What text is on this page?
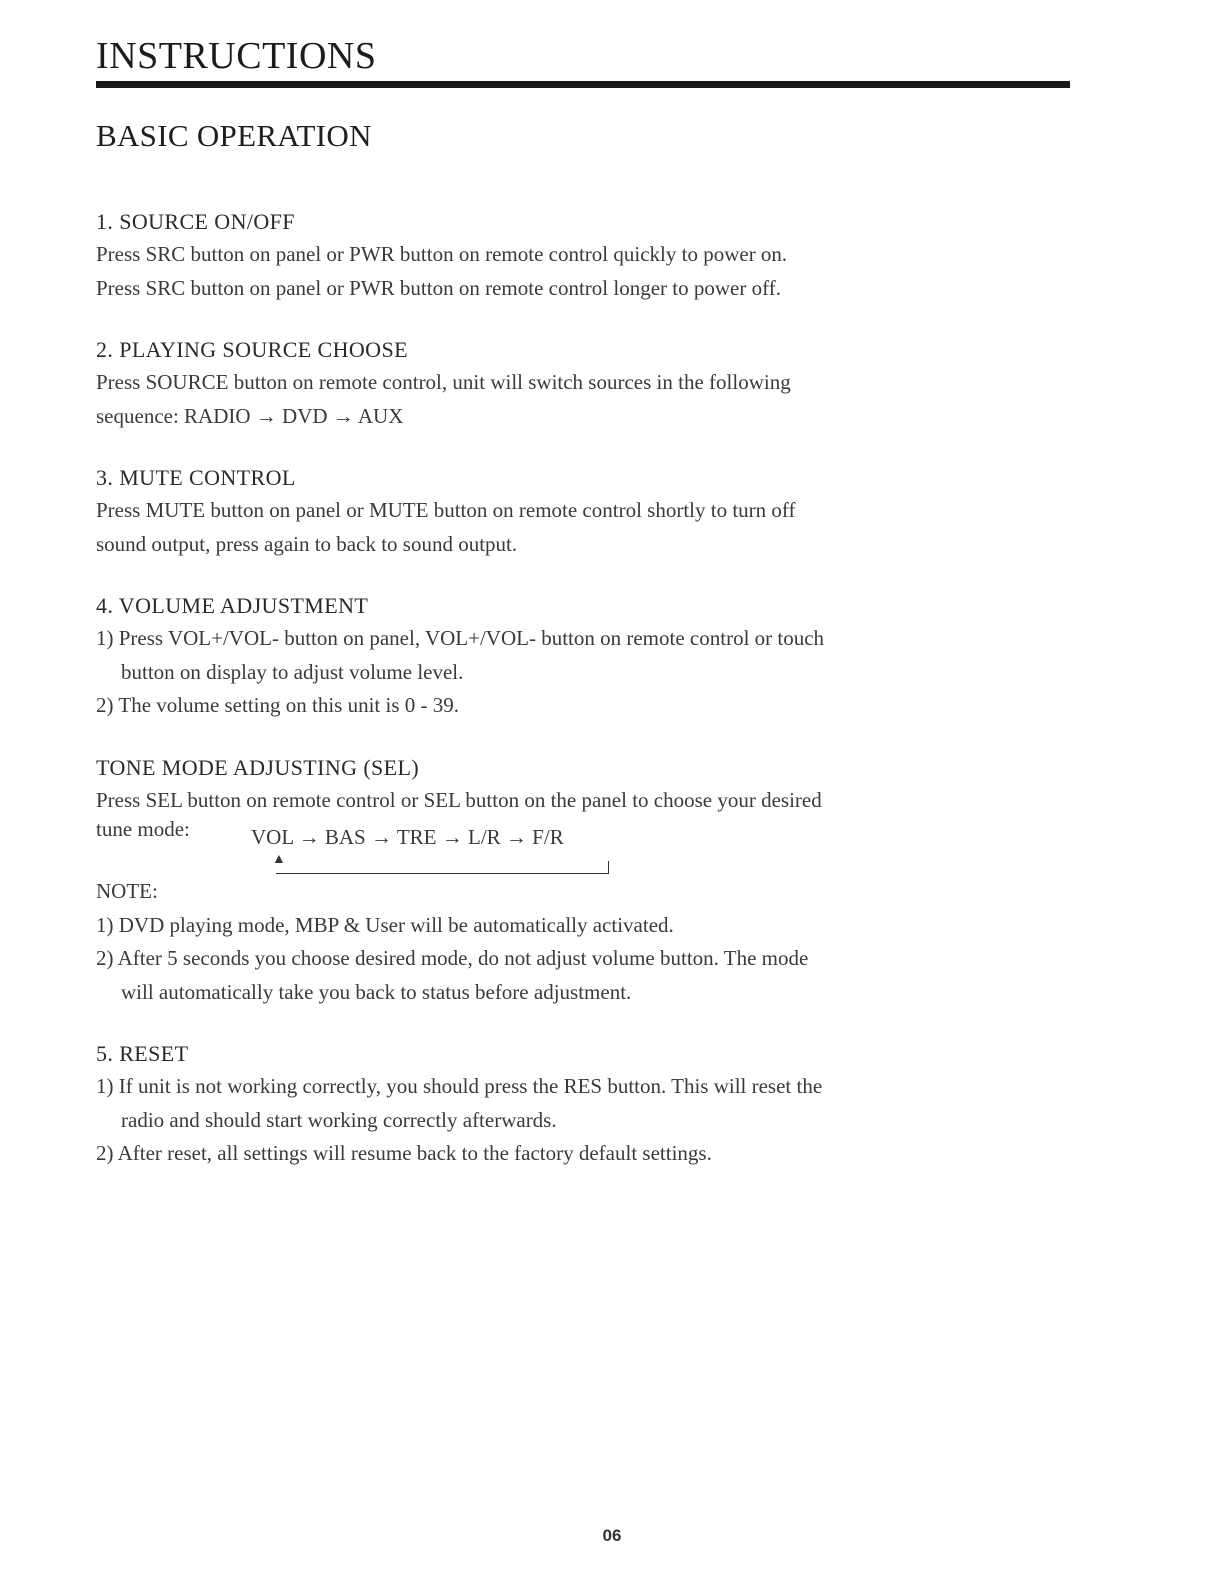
INSTRUCTIONS
BASIC OPERATION
1. SOURCE ON/OFF
Press SRC button on panel or PWR button on remote control quickly to power on.
Press SRC button on panel or PWR button on remote control longer to power off.
2. PLAYING SOURCE CHOOSE
Press SOURCE button on remote control, unit will switch sources in the following
sequence: RADIO → DVD → AUX
3. MUTE CONTROL
Press MUTE button on panel or MUTE button on remote control shortly to turn off
sound output, press again to back to sound output.
4. VOLUME ADJUSTMENT
1) Press VOL+/VOL- button on panel, VOL+/VOL- button on remote control or touch
button on display to adjust volume level.
2) The volume setting on this unit is 0 - 39.
TONE MODE ADJUSTING (SEL)
Press SEL button on remote control or SEL button on the panel to choose your desired
tune mode:	VOL → BAS → TRE → L/R → F/R
▲
NOTE:
1) DVD playing mode, MBP & User will be automatically activated.
2) After 5 seconds you choose desired mode, do not adjust volume button. The mode
will automatically take you back to status before adjustment.
5. RESET
1) If unit is not working correctly, you should press the RES button. This will reset the
radio and should start working correctly afterwards.
2) After reset, all settings will resume back to the factory default settings.
06
